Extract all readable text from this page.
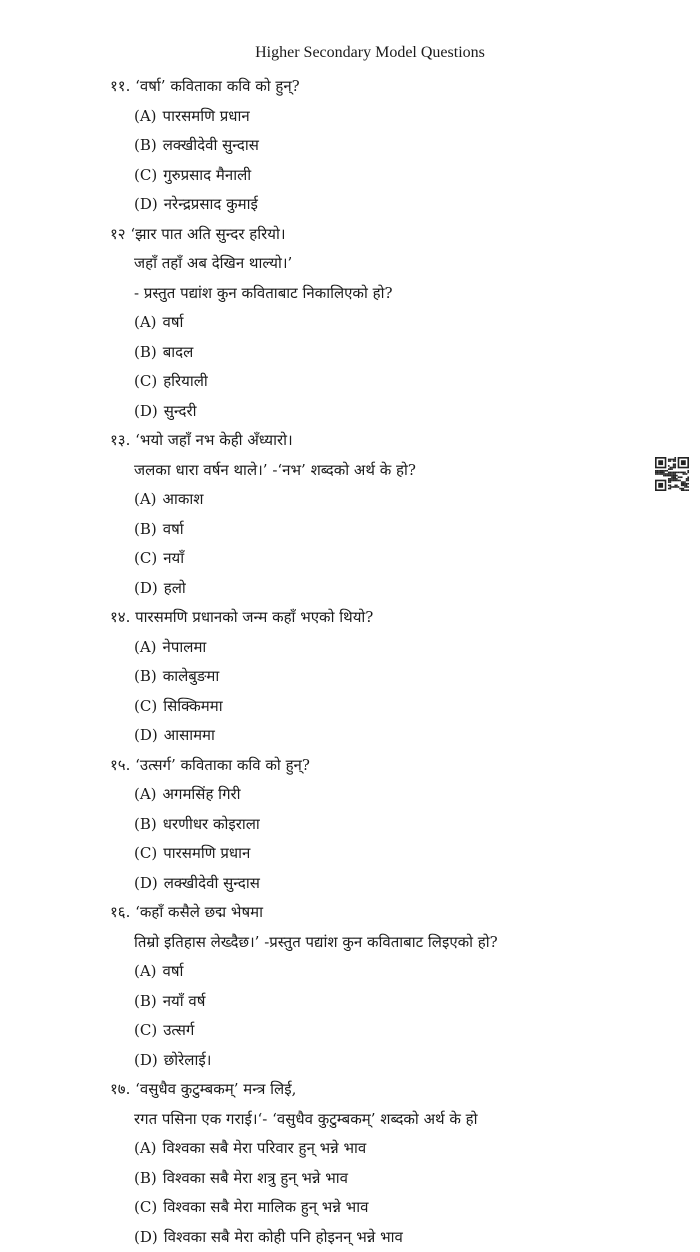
Higher Secondary Model Questions
११. ‘वर्षा’ कविताका कवि को हुन्?
(A) पारसमणि प्रधान
(B) लक्खीदेवी सुन्दास
(C) गुरुप्रसाद मैनाली
(D) नरेन्द्रप्रसाद कुमाई
१२ ‘झार पात अति सुन्दर हरियो।
जहाँ तहाँ अब देखिन थाल्यो।’
- प्रस्तुत पद्यांश कुन कविताबाट निकालिएको हो?
(A) वर्षा
(B) बादल
(C) हरियाली
(D) सुन्दरी
१३. ‘भयो जहाँ नभ केही अँध्यारो।
जलका धारा वर्षन थाले।’ -‘नभ’ शब्दको अर्थ के हो?
(A) आकाश
(B) वर्षा
(C) नयाँ
(D) हलो
१४. पारसमणि प्रधानको जन्म कहाँ भएको थियो?
(A) नेपालमा
(B) कालेबुङमा
(C) सिक्किममा
(D) आसाममा
१५. ‘उत्सर्ग’ कविताका कवि को हुन्?
(A) अगमसिंह गिरी
(B) धरणीधर कोइराला
(C) पारसमणि प्रधान
(D) लक्खीदेवी सुन्दास
१६. ‘कहाँ कसैले छद्म भेषमा
तिम्रो इतिहास लेख्दैछ।’ -प्रस्तुत पद्यांश कुन कविताबाट लिइएको हो?
(A) वर्षा
(B) नयाँ वर्ष
(C) उत्सर्ग
(D) छोरेलाई।
१७. ‘वसुधैव कुटुम्बकम्’ मन्त्र लिई,
रगत पसिना एक गराई।‘- ‘वसुधैव कुटुम्बकम्’ शब्दको अर्थ के हो
(A) विश्वका सबै मेरा परिवार हुन् भन्ने भाव
(B) विश्वका सबै मेरा शत्रु हुन् भन्ने भाव
(C) विश्वका सबै मेरा मालिक हुन् भन्ने भाव
(D) विश्वका सबै मेरा कोही पनि होइनन् भन्ने भाव
